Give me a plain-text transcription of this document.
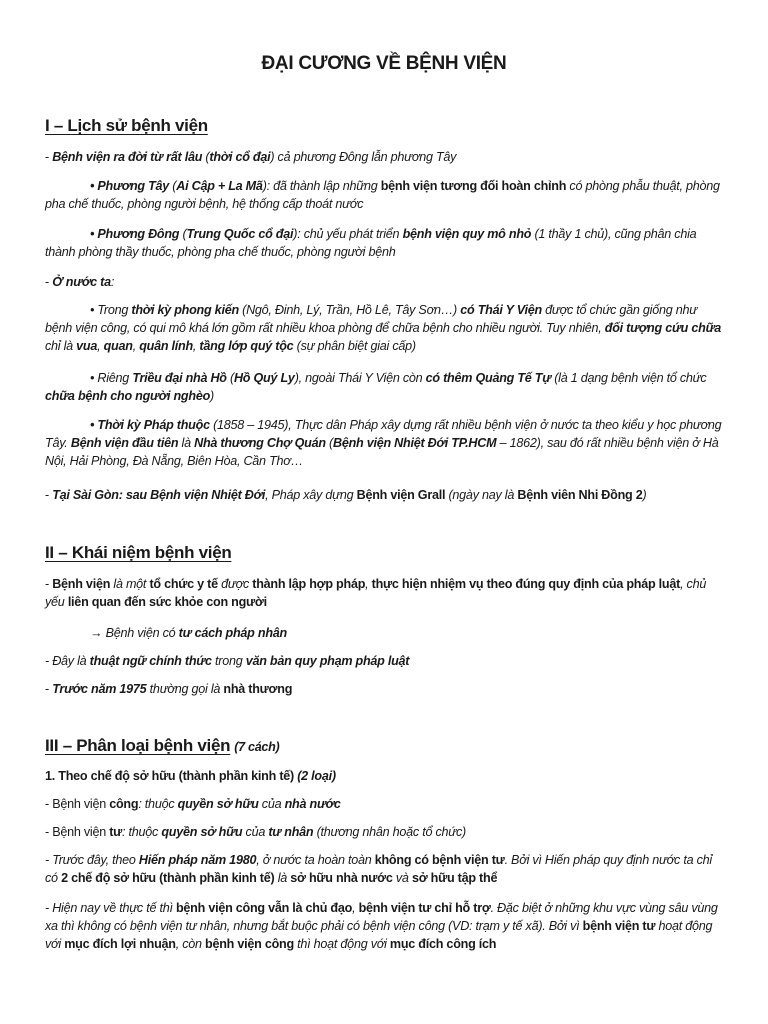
ĐẠI CƯƠNG VỀ BỆNH VIỆN
I – Lịch sử bệnh viện

- Bệnh viện ra đời từ rất lâu (thời cổ đại) cả phương Đông lẫn phương Tây

• Phương Tây (Ai Cập + La Mã): đã thành lập những bệnh viện tương đối hoàn chỉnh có phòng phẫu thuật, phòng pha chế thuốc, phòng người bệnh, hệ thống cấp thoát nước

• Phương Đông (Trung Quốc cổ đại): chủ yếu phát triển bệnh viện quy mô nhỏ (1 thầy 1 chủ), cũng phân chia thành phòng thầy thuốc, phòng pha chế thuốc, phòng người bệnh

- Ở nước ta:

• Trong thời kỳ phong kiến (Ngô, Đinh, Lý, Trần, Hồ Lê, Tây Sơn…) có Thái Y Viện được tổ chức gần giống như bệnh viện công, có qui mô khá lớn gồm rất nhiều khoa phòng để chữa bệnh cho nhiều người. Tuy nhiên, đối tượng cứu chữa chỉ là vua, quan, quân lính, tầng lớp quý tộc (sự phân biệt giai cấp)

• Riêng Triều đại nhà Hồ (Hồ Quý Ly), ngoài Thái Y Viện còn có thêm Quảng Tế Tự (là 1 dạng bệnh viện tổ chức chữa bệnh cho người nghèo)

• Thời kỳ Pháp thuộc (1858 – 1945), Thực dân Pháp xây dựng rất nhiều bệnh viện ở nước ta theo kiểu y học phương Tây. Bệnh viện đầu tiên là Nhà thương Chợ Quán (Bệnh viện Nhiệt Đới TP.HCM – 1862), sau đó rất nhiều bệnh viện ở Hà Nội, Hải Phòng, Đà Nẵng, Biên Hòa, Cần Thơ…

- Tại Sài Gòn: sau Bệnh viện Nhiệt Đới, Pháp xây dựng Bệnh viện Grall (ngày nay là Bệnh viên Nhi Đồng 2)

II – Khái niệm bệnh viện

- Bệnh viện là một tổ chức y tế được thành lập hợp pháp, thực hiện nhiệm vụ theo đúng quy định của pháp luật, chủ yếu liên quan đến sức khỏe con người

→ Bệnh viện có tư cách pháp nhân

- Đây là thuật ngữ chính thức trong văn bản quy phạm pháp luật

- Trước năm 1975 thường gọi là nhà thương

III – Phân loại bệnh viện (7 cách)

1. Theo chế độ sở hữu (thành phần kinh tế) (2 loại)

- Bệnh viện công: thuộc quyền sở hữu của nhà nước

- Bệnh viện tư: thuộc quyền sở hữu của tư nhân (thương nhân hoặc tổ chức)

- Trước đây, theo Hiến pháp năm 1980, ở nước ta hoàn toàn không có bệnh viện tư. Bởi vì Hiến pháp quy định nước ta chỉ có 2 chế độ sở hữu (thành phần kinh tế) là sở hữu nhà nước và sở hữu tập thể

- Hiện nay về thực tế thì bệnh viện công vẫn là chủ đạo, bệnh viện tư chỉ hỗ trợ. Đặc biệt ở những khu vực vùng sâu vùng xa thì không có bệnh viện tư nhân, nhưng bắt buộc phải có bệnh viện công (VD: trạm y tế xã). Bởi vì bệnh viện tư hoạt động với mục đích lợi nhuận, còn bệnh viện công thì hoạt động với mục đích công ích
